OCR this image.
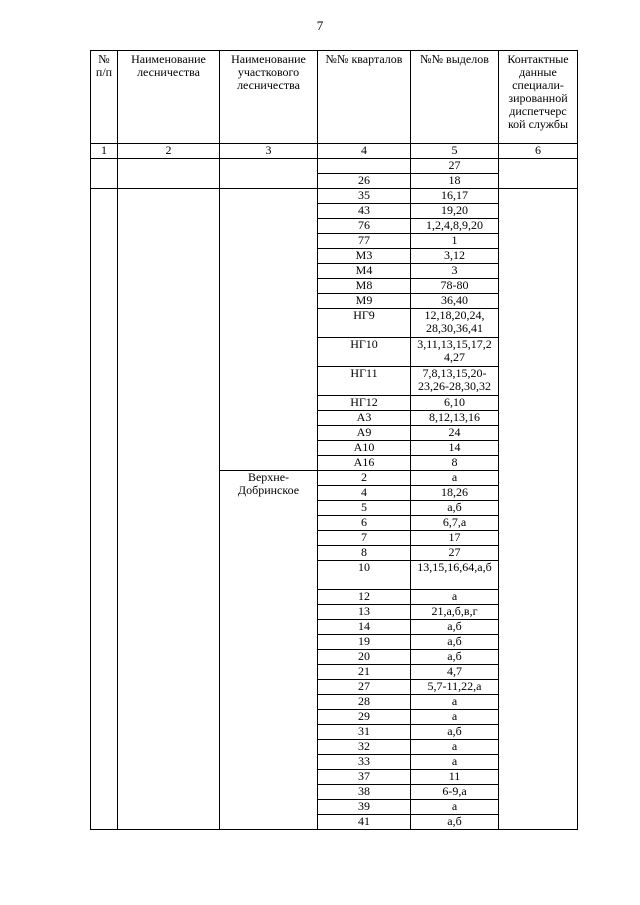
7
№ п/п	Наименование лесничества	Наименование участкового лесничества	№№ кварталов	№№ выделов	Контактные данные специали-зированной диспетчерс кой службы
1	2	3	4	5	6
				27	
			26	18	
			35	16,17	
			43	19,20	
			76	1,2,4,8,9,20	
			77	1	
			М3	3,12	
			М4	3	
			М8	78-80	
			М9	36,40	
			НГ9	12,18,20,24, 28,30,36,41	
			НГ10	3,11,13,15,17,2 4,27	
			НГ11	7,8,13,15,20-23,26-28,30,32	
			НГ12	6,10	
			А3	8,12,13,16	
			А9	24	
			А10	14	
			А16	8	
		Верхне-Добринское	2	а	
			4	18,26	
			5	а,б	
			6	6,7,а	
			7	17	
			8	27	
			10	13,15,16,64,а,б	
			12	а	
			13	21,а,б,в,г	
			14	а,б	
			19	а,б	
			20	а,б	
			21	4,7	
			27	5,7-11,22,а	
			28	а	
			29	а	
			31	а,б	
			32	а	
			33	а	
			37	11	
			38	6-9,а	
			39	а	
			41	а,б	
